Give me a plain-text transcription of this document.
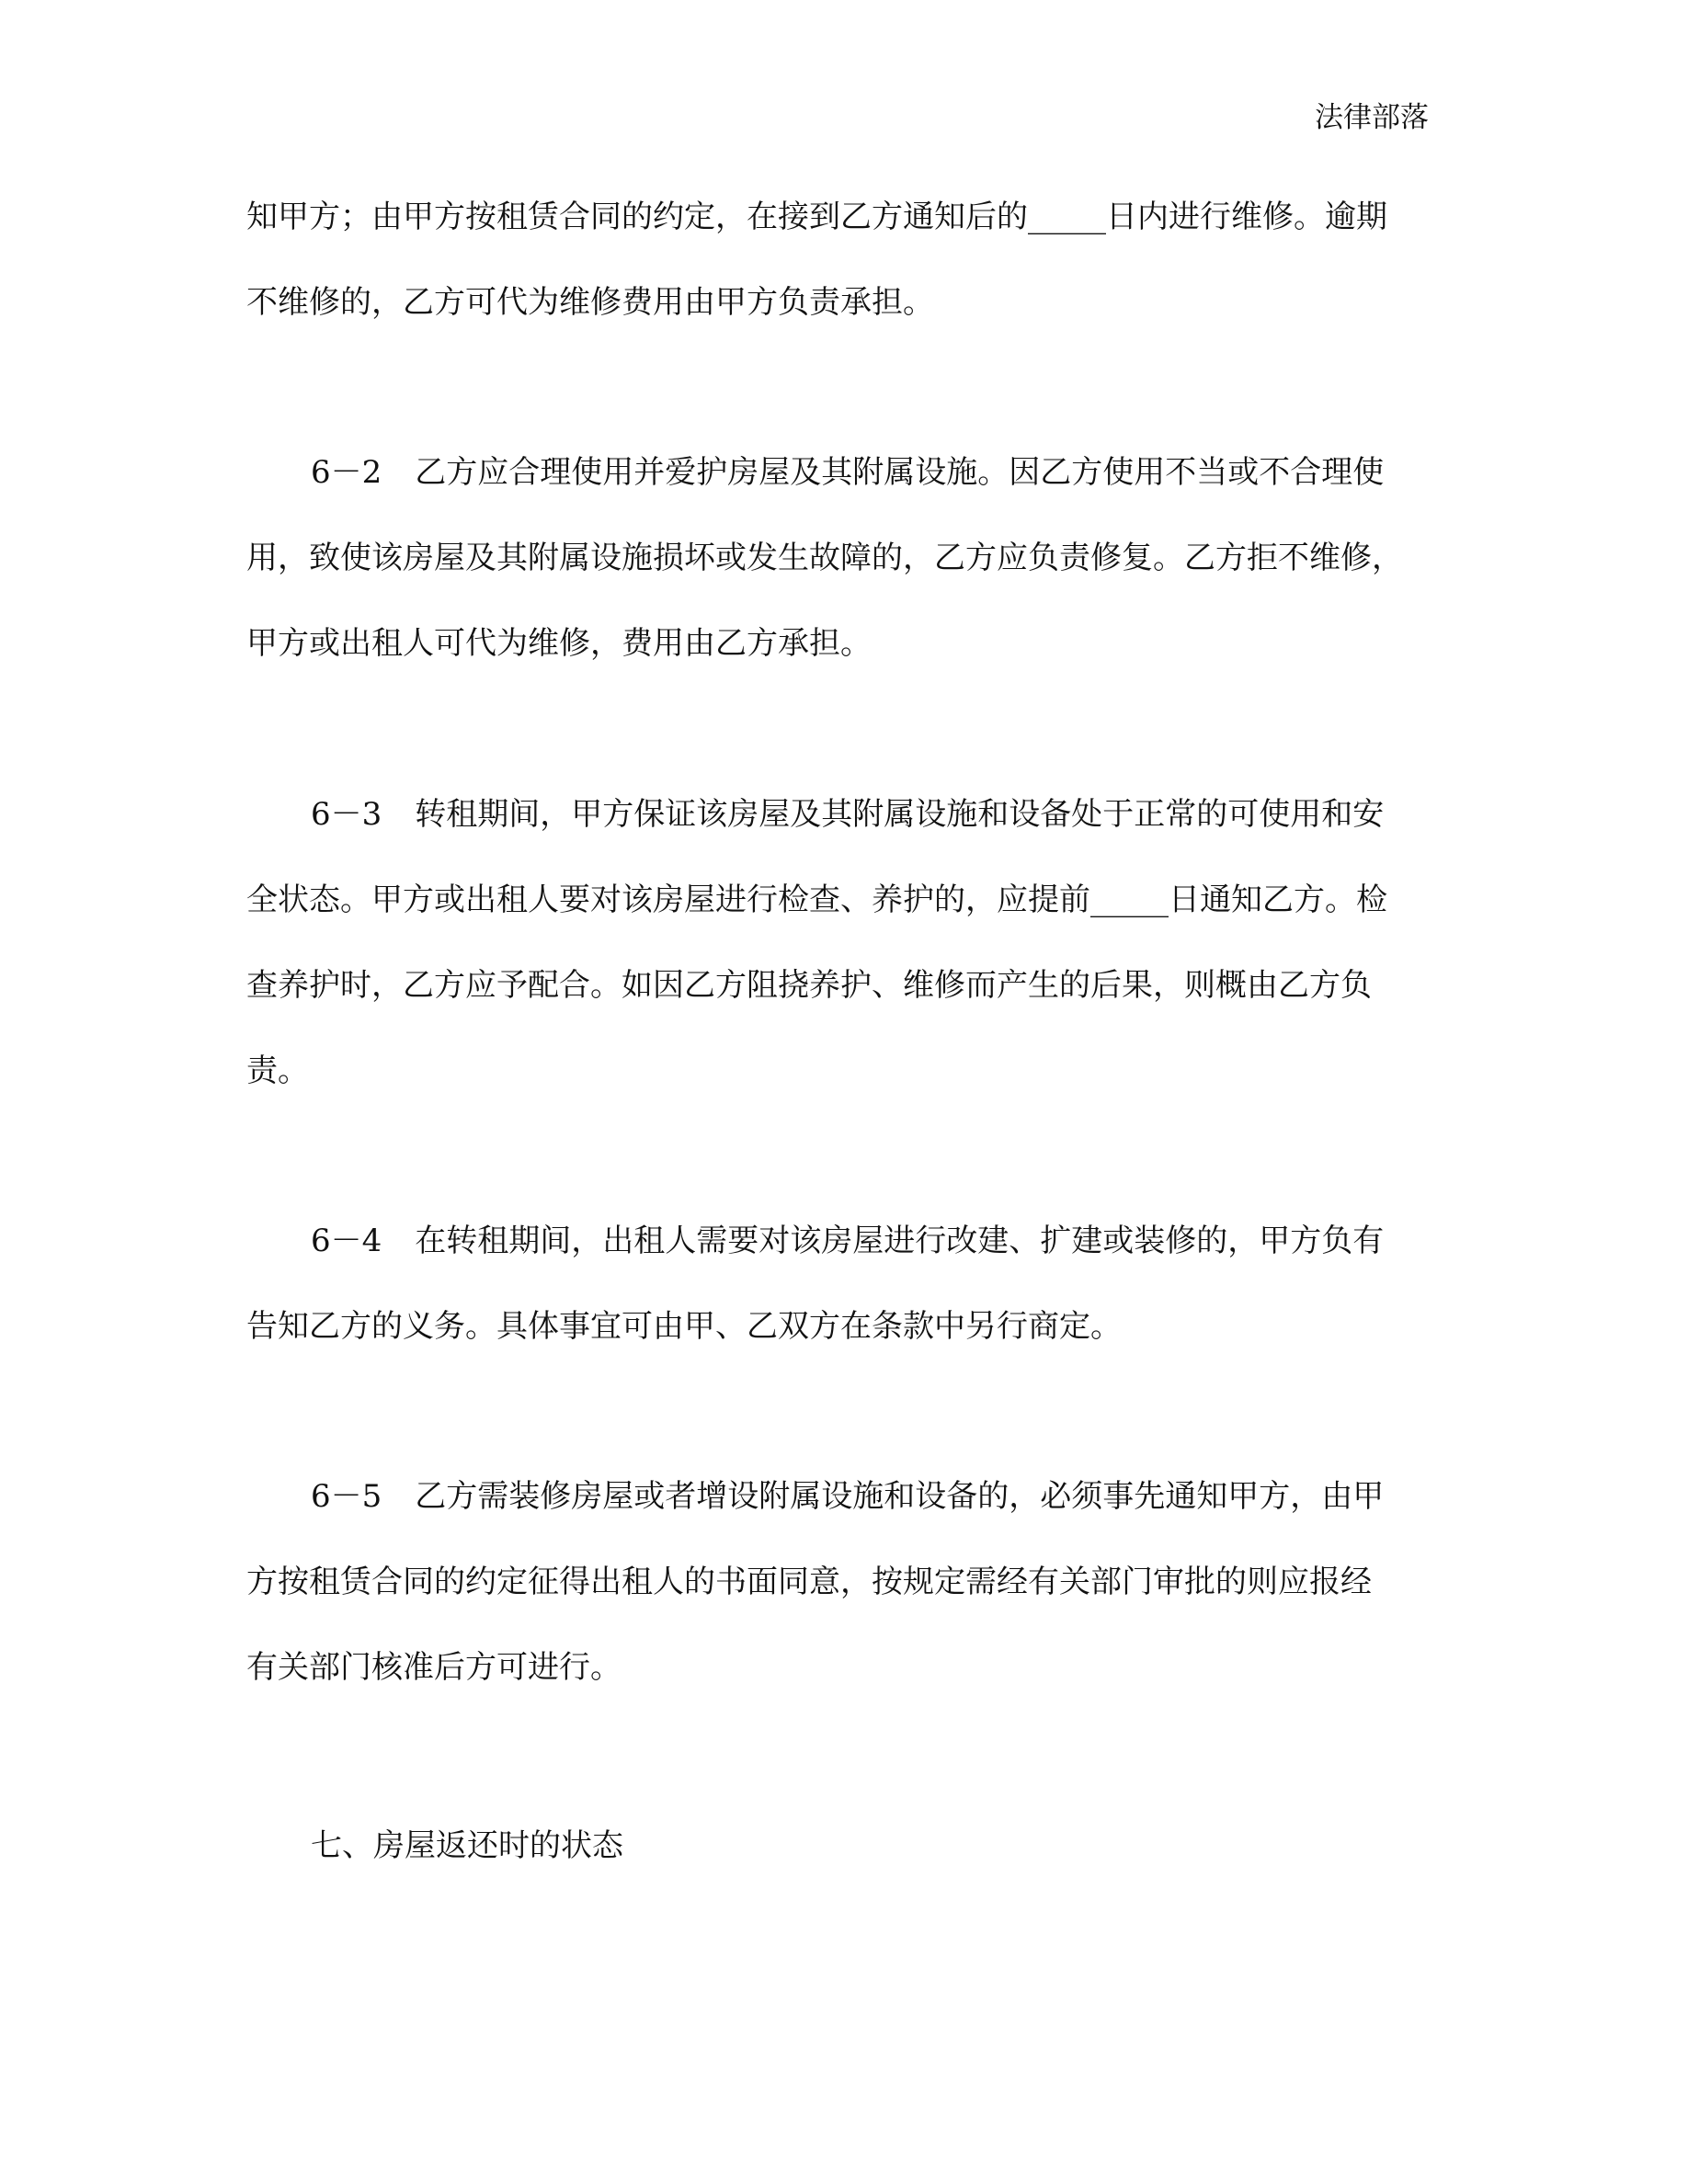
法律部落
知甲方；由甲方按租赁合同的约定，在接到乙方通知后的_____日内进行维修。逾期
不维修的，乙方可代为维修费用由甲方负责承担。
6－2 乙方应合理使用并爱护房屋及其附属设施。因乙方使用不当或不合理使
用，致使该房屋及其附属设施损坏或发生故障的，乙方应负责修复。乙方拒不维修，
甲方或出租人可代为维修，费用由乙方承担。
6－3 转租期间，甲方保证该房屋及其附属设施和设备处于正常的可使用和安
全状态。甲方或出租人要对该房屋进行检查、养护的，应提前_____日通知乙方。检
查养护时，乙方应予配合。如因乙方阻挠养护、维修而产生的后果，则概由乙方负
责。
6－4 在转租期间，出租人需要对该房屋进行改建、扩建或装修的，甲方负有
告知乙方的义务。具体事宜可由甲、乙双方在条款中另行商定。
6－5 乙方需装修房屋或者增设附属设施和设备的，必须事先通知甲方，由甲
方按租赁合同的约定征得出租人的书面同意，按规定需经有关部门审批的则应报经
有关部门核准后方可进行。
七、房屋返还时的状态
